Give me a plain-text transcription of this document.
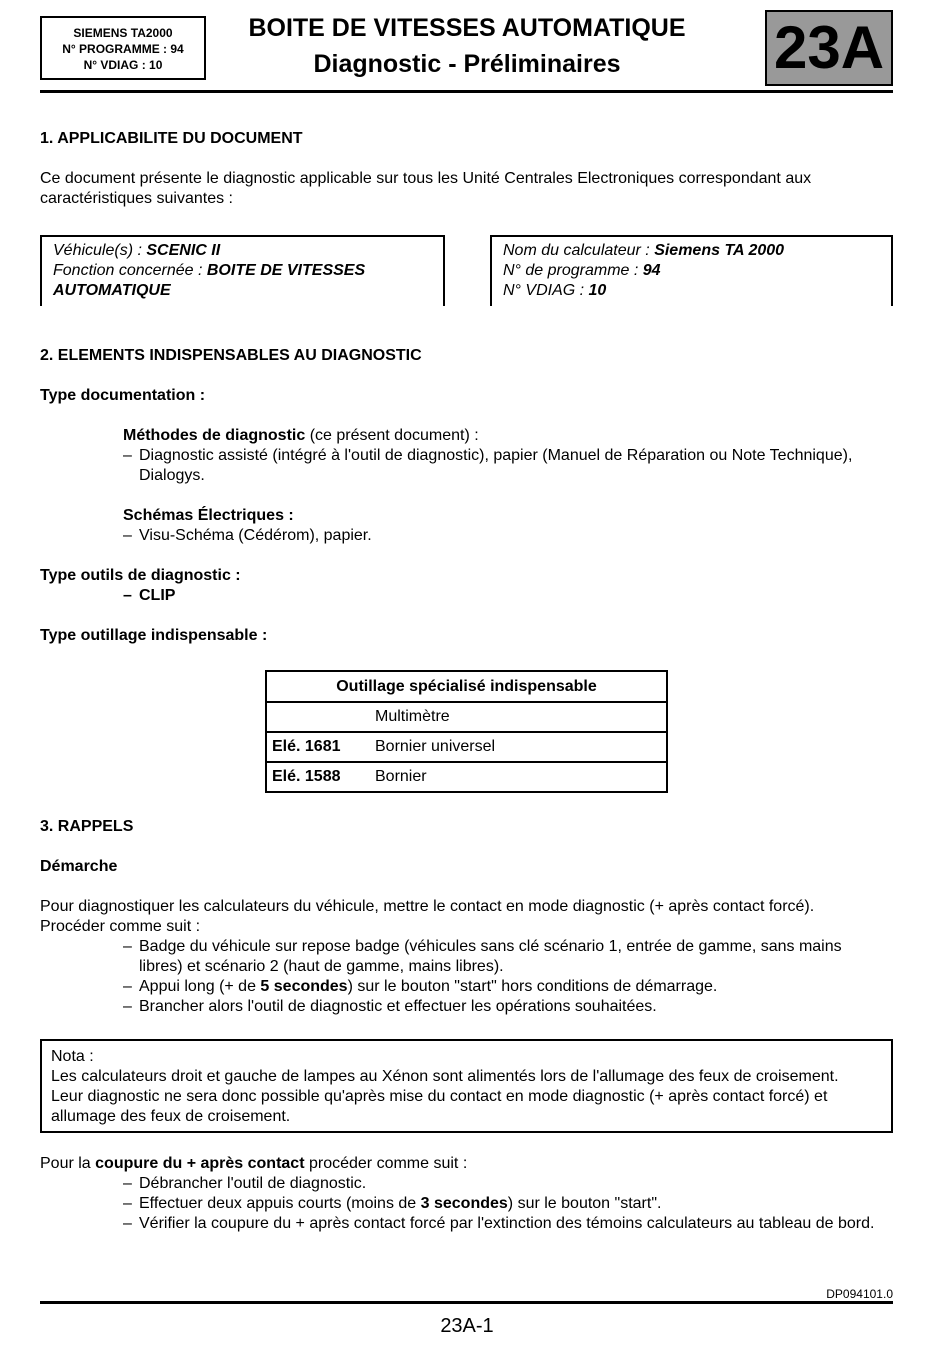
SIEMENS TA2000
N° PROGRAMME : 94
N° VDIAG : 10
BOITE DE VITESSES AUTOMATIQUE
Diagnostic - Préliminaires	23A
1. APPLICABILITE DU DOCUMENT
Ce document présente le diagnostic applicable sur tous les Unité Centrales Electroniques correspondant aux caractéristiques suivantes :
Véhicule(s) : SCENIC II
Fonction concernée : BOITE DE VITESSES AUTOMATIQUE
Nom du calculateur : Siemens TA 2000
N° de programme : 94
N° VDIAG : 10
2. ELEMENTS INDISPENSABLES AU DIAGNOSTIC
Type documentation :
Méthodes de diagnostic (ce présent document) :
– Diagnostic assisté (intégré à l'outil de diagnostic), papier (Manuel de Réparation ou Note Technique), Dialogys.
Schémas Électriques :
– Visu-Schéma (Cédérom), papier.
Type outils de diagnostic :
– CLIP
Type outillage indispensable :
Outillage spécialisé indispensable	
	Multimètre
Elé. 1681	Bornier universel
Elé. 1588	Bornier
3. RAPPELS
Démarche
Pour diagnostiquer les calculateurs du véhicule, mettre le contact en mode diagnostic (+ après contact forcé).
Procéder comme suit :
– Badge du véhicule sur repose badge (véhicules sans clé scénario 1, entrée de gamme, sans mains
libres) et scénario 2 (haut de gamme, mains libres).
– Appui long (+ de 5 secondes) sur le bouton "start" hors conditions de démarrage.
– Brancher alors l'outil de diagnostic et effectuer les opérations souhaitées.
Nota :
Les calculateurs droit et gauche de lampes au Xénon sont alimentés lors de l'allumage des feux de croisement.
Leur diagnostic ne sera donc possible qu'après mise du contact en mode diagnostic (+ après contact forcé) et
allumage des feux de croisement.
Pour la coupure du + après contact procéder comme suit :
– Débrancher l'outil de diagnostic.
– Effectuer deux appuis courts (moins de 3 secondes) sur le bouton "start".
– Vérifier la coupure du + après contact forcé par l'extinction des témoins calculateurs au tableau de bord.
DP094101.0
23A-1
